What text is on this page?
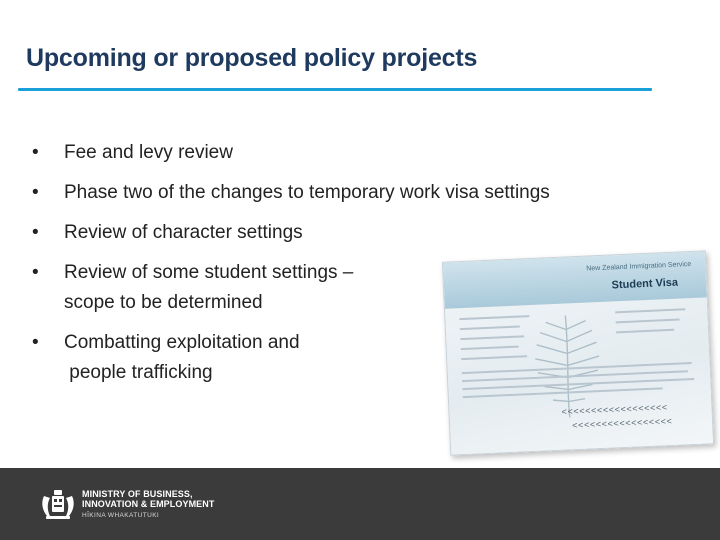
Upcoming or proposed policy projects
•	Fee and levy review
•	Phase two of the changes to temporary work visa settings
•	Review of character settings
•	Review of some student settings –
scope to be determined
•	Combatting exploitation and
people trafficking
New Zealand Immigration Service
Student Visa
<<<<<<<<<<<<<<<<<<
<<<<<<<<<<<<<<<<<
MINISTRY OF BUSINESS,
INNOVATION & EMPLOYMENT
HĪKINA WHAKATUTUKI
